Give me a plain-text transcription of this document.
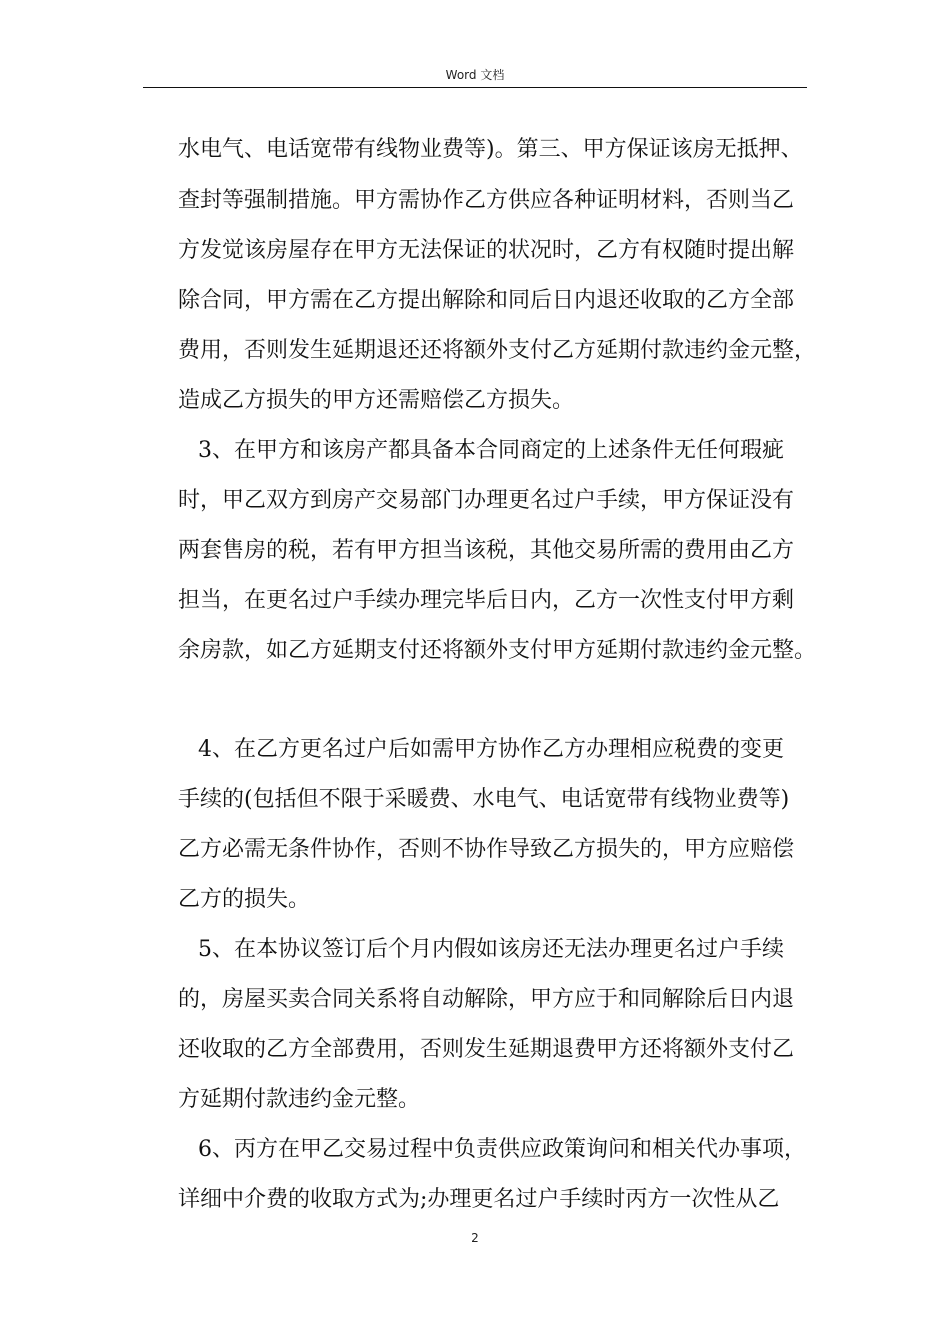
Word 文档
水电气、电话宽带有线物业费等)。第三、甲方保证该房无抵押、
查封等强制措施。甲方需协作乙方供应各种证明材料，否则当乙
方发觉该房屋存在甲方无法保证的状况时，乙方有权随时提出解
除合同，甲方需在乙方提出解除和同后日内退还收取的乙方全部
费用，否则发生延期退还还将额外支付乙方延期付款违约金元整，
造成乙方损失的甲方还需赔偿乙方损失。
3、在甲方和该房产都具备本合同商定的上述条件无任何瑕疵
时，甲乙双方到房产交易部门办理更名过户手续，甲方保证没有
两套售房的税，若有甲方担当该税，其他交易所需的费用由乙方
担当，在更名过户手续办理完毕后日内，乙方一次性支付甲方剩
余房款，如乙方延期支付还将额外支付甲方延期付款违约金元整。
4、在乙方更名过户后如需甲方协作乙方办理相应税费的变更
手续的(包括但不限于采暖费、水电气、电话宽带有线物业费等)
乙方必需无条件协作，否则不协作导致乙方损失的，甲方应赔偿
乙方的损失。
5、在本协议签订后个月内假如该房还无法办理更名过户手续
的，房屋买卖合同关系将自动解除，甲方应于和同解除后日内退
还收取的乙方全部费用，否则发生延期退费甲方还将额外支付乙
方延期付款违约金元整。
6、丙方在甲乙交易过程中负责供应政策询问和相关代办事项，
详细中介费的收取方式为;办理更名过户手续时丙方一次性从乙
2
